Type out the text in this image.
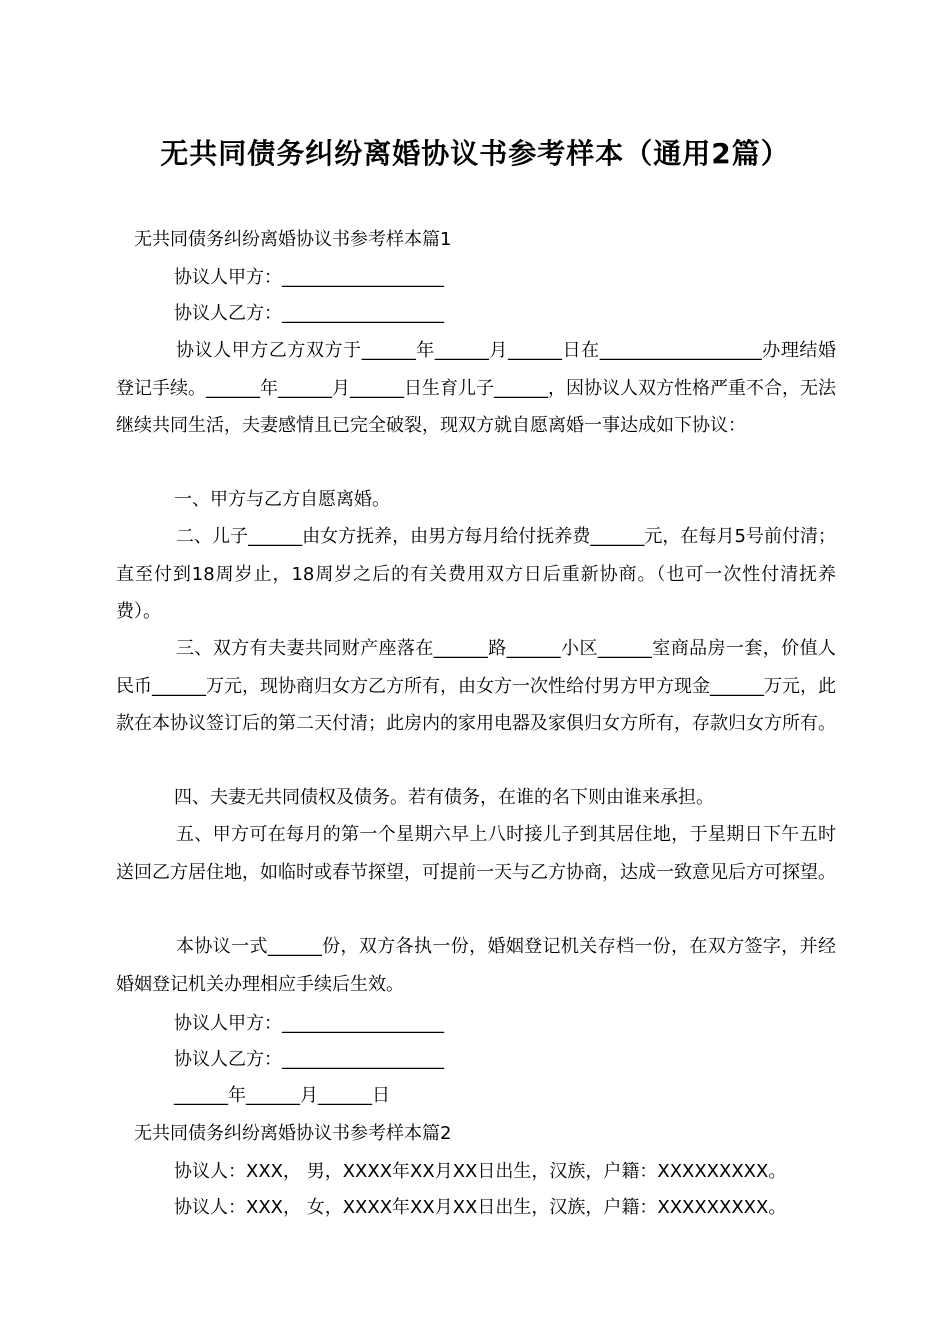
无共同债务纠纷离婚协议书参考样本（通用2篇）
无共同债务纠纷离婚协议书参考样本篇1
协议人甲方：__________________
协议人乙方：__________________
协议人甲方乙方双方于______年______月______日在__________________办理结婚登记手续。______年______月______日生育儿子______，因协议人双方性格严重不合，无法继续共同生活，夫妻感情且已完全破裂，现双方就自愿离婚一事达成如下协议：
一、甲方与乙方自愿离婚。
二、儿子______由女方抚养，由男方每月给付抚养费______元，在每月5号前付清；直至付到18周岁止，18周岁之后的有关费用双方日后重新协商。（也可一次性付清抚养费）。
三、双方有夫妻共同财产座落在______路______小区______室商品房一套，价值人民币______万元，现协商归女方乙方所有，由女方一次性给付男方甲方现金______万元，此款在本协议签订后的第二天付清；此房内的家用电器及家俱归女方所有，存款归女方所有。
四、夫妻无共同债权及债务。若有债务，在谁的名下则由谁来承担。
五、甲方可在每月的第一个星期六早上八时接儿子到其居住地，于星期日下午五时送回乙方居住地，如临时或春节探望，可提前一天与乙方协商，达成一致意见后方可探望。
本协议一式______份，双方各执一份，婚姻登记机关存档一份，在双方签字，并经婚姻登记机关办理相应手续后生效。
协议人甲方：__________________
协议人乙方：__________________
______年______月______日
无共同债务纠纷离婚协议书参考样本篇2
协议人：XXX， 男，XXXX年XX月XX日出生，汉族，户籍：XXXXXXXXX。
协议人：XXX， 女，XXXX年XX月XX日出生，汉族，户籍：XXXXXXXXX。
